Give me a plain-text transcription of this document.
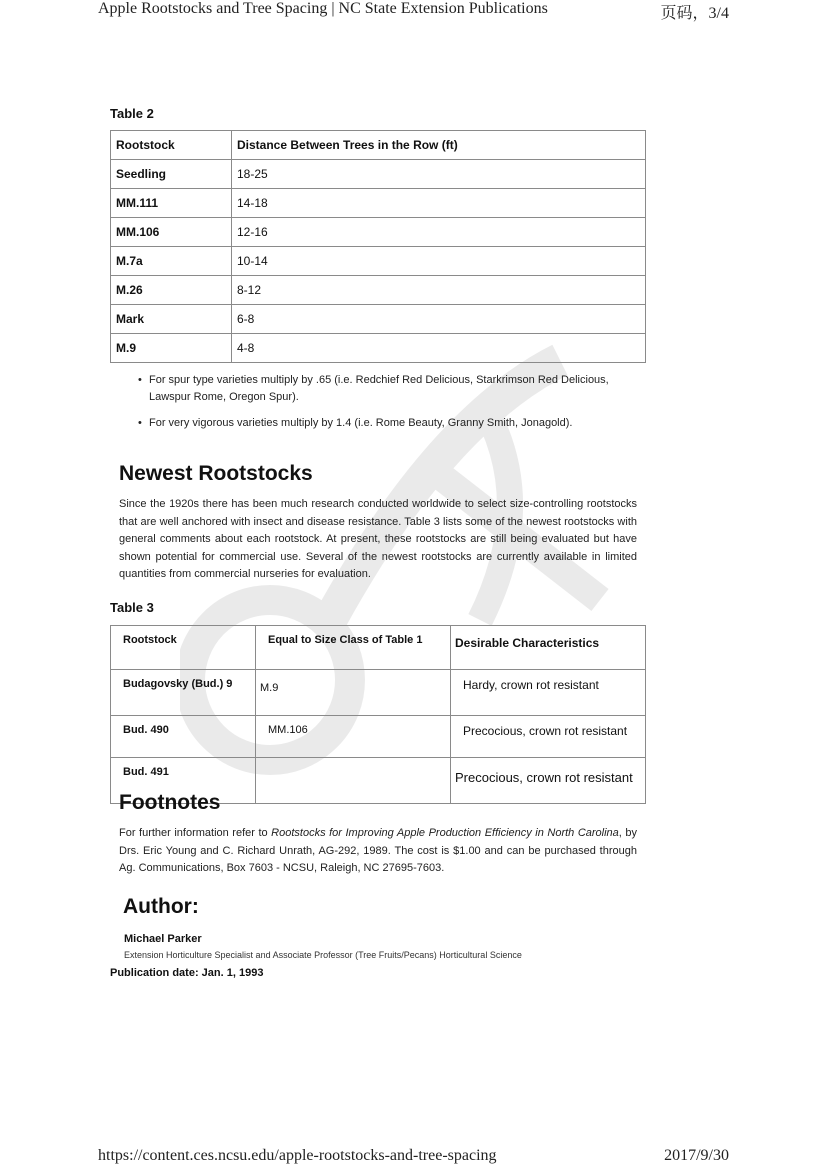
Apple Rootstocks and Tree Spacing | NC State Extension Publications	页码，3/4
Table 2
Rootstock	Distance Between Trees in the Row (ft)
Seedling	18-25
MM.111	14-18
MM.106	12-16
M.7a	10-14
M.26	8-12
Mark	6-8
M.9	4-8
• For spur type varieties multiply by .65 (i.e. Redchief Red Delicious, Starkrimson Red Delicious, Lawspur Rome, Oregon Spur).
• For very vigorous varieties multiply by 1.4 (i.e. Rome Beauty, Granny Smith, Jonagold).
Newest Rootstocks
Since the 1920s there has been much research conducted worldwide to select size-controlling rootstocks that are well anchored with insect and disease resistance. Table 3 lists some of the newest rootstocks with general comments about each rootstock. At present, these rootstocks are still being evaluated but have shown potential for commercial use. Several of the newest rootstocks are currently available in limited quantities from commercial nurseries for evaluation.
Table 3
Rootstock	Equal to Size Class of Table 1	Desirable Characteristics
Budagovsky (Bud.) 9	M.9	Hardy, crown rot resistant
Bud. 490	MM.106	Precocious, crown rot resistant
Bud. 491		Precocious, crown rot resistant
Footnotes
For further information refer to Rootstocks for Improving Apple Production Efficiency in North Carolina, by Drs. Eric Young and C. Richard Unrath, AG-292, 1989. The cost is $1.00 and can be purchased through Ag. Communications, Box 7603 - NCSU, Raleigh, NC 27695-7603.
Author:
Michael Parker
Extension Horticulture Specialist and Associate Professor (Tree Fruits/Pecans) Horticultural Science
Publication date: Jan. 1, 1993
https://content.ces.ncsu.edu/apple-rootstocks-and-tree-spacing	2017/9/30
